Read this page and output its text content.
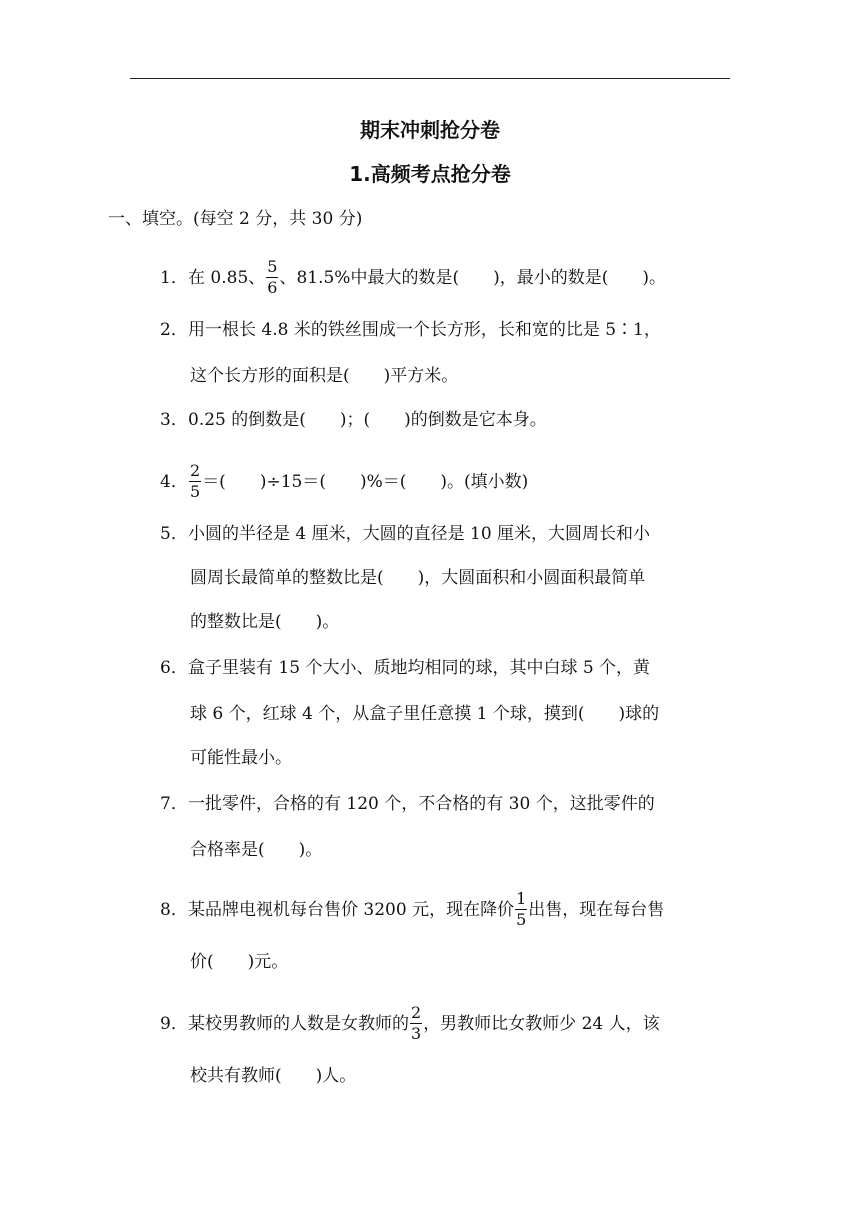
期末冲刺抢分卷
1.高频考点抢分卷
一、填空。(每空 2 分，共 30 分)
1．在 0.85、 $\frac{5}{6}$ 、81.5%中最大的数是(　　)，最小的数是(　　)。
2．用一根长 4.8 米的铁丝围成一个长方形，长和宽的比是 5∶1，
这个长方形的面积是(　　)平方米。
3．0.25 的倒数是(　　)；(　　)的倒数是它本身。
4． $\frac{2}{5}$ ＝(　　)÷15＝(　　)%＝(　　)。(填小数)
5．小圆的半径是 4 厘米，大圆的直径是 10 厘米，大圆周长和小
圆周长最简单的整数比是(　　)，大圆面积和小圆面积最简单
的整数比是(　　)。
6．盒子里装有 15 个大小、质地均相同的球，其中白球 5 个，黄
球 6 个，红球 4 个，从盒子里任意摸 1 个球，摸到(　　)球的
可能性最小。
7．一批零件，合格的有 120 个，不合格的有 30 个，这批零件的
合格率是(　　)。
8．某品牌电视机每台售价 3200 元，现在降价 $\frac{1}{5}$ 出售，现在每台售
价(　　)元。
9．某校男教师的人数是女教师的 $\frac{2}{3}$ ，男教师比女教师少 24 人，该
校共有教师(　　)人。
